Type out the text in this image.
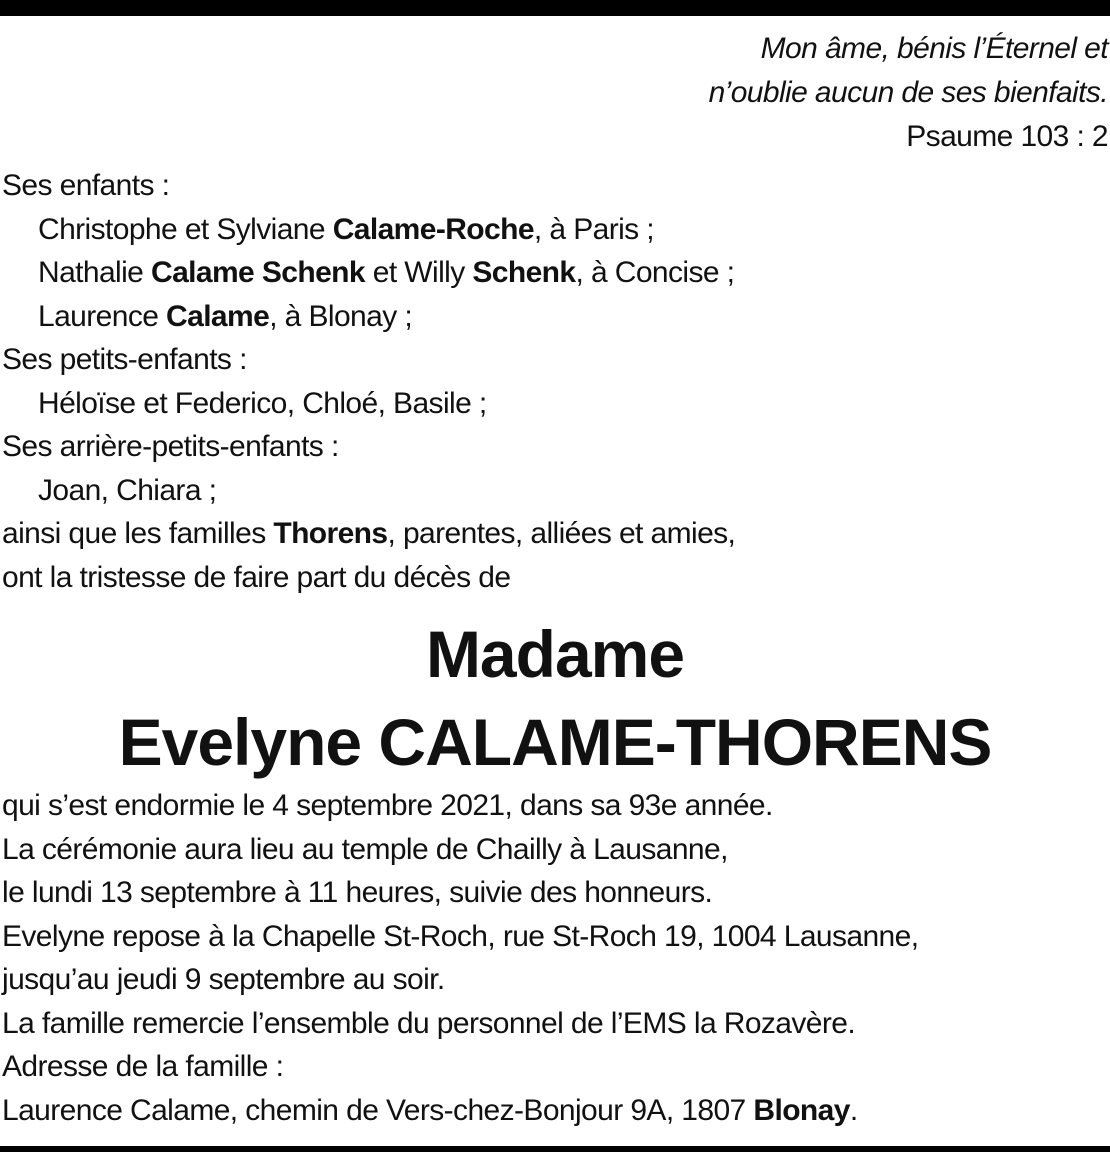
Mon âme, bénis l’Éternel et
n’oublie aucun de ses bienfaits.
Psaume 103 : 2
Ses enfants :
Christophe et Sylviane Calame-Roche, à Paris ;
Nathalie Calame Schenk et Willy Schenk, à Concise ;
Laurence Calame, à Blonay ;
Ses petits-enfants :
Héloïse et Federico, Chloé, Basile ;
Ses arrière-petits-enfants :
Joan, Chiara ;
ainsi que les familles Thorens, parentes, alliées et amies,
ont la tristesse de faire part du décès de
Madame
Evelyne CALAME-THORENS
qui s’est endormie le 4 septembre 2021, dans sa 93e année.
La cérémonie aura lieu au temple de Chailly à Lausanne,
le lundi 13 septembre à 11 heures, suivie des honneurs.
Evelyne repose à la Chapelle St-Roch, rue St-Roch 19, 1004 Lausanne,
jusqu’au jeudi 9 septembre au soir.
La famille remercie l’ensemble du personnel de l’EMS la Rozavère.
Adresse de la famille :
Laurence Calame, chemin de Vers-chez-Bonjour 9A, 1807 Blonay.
